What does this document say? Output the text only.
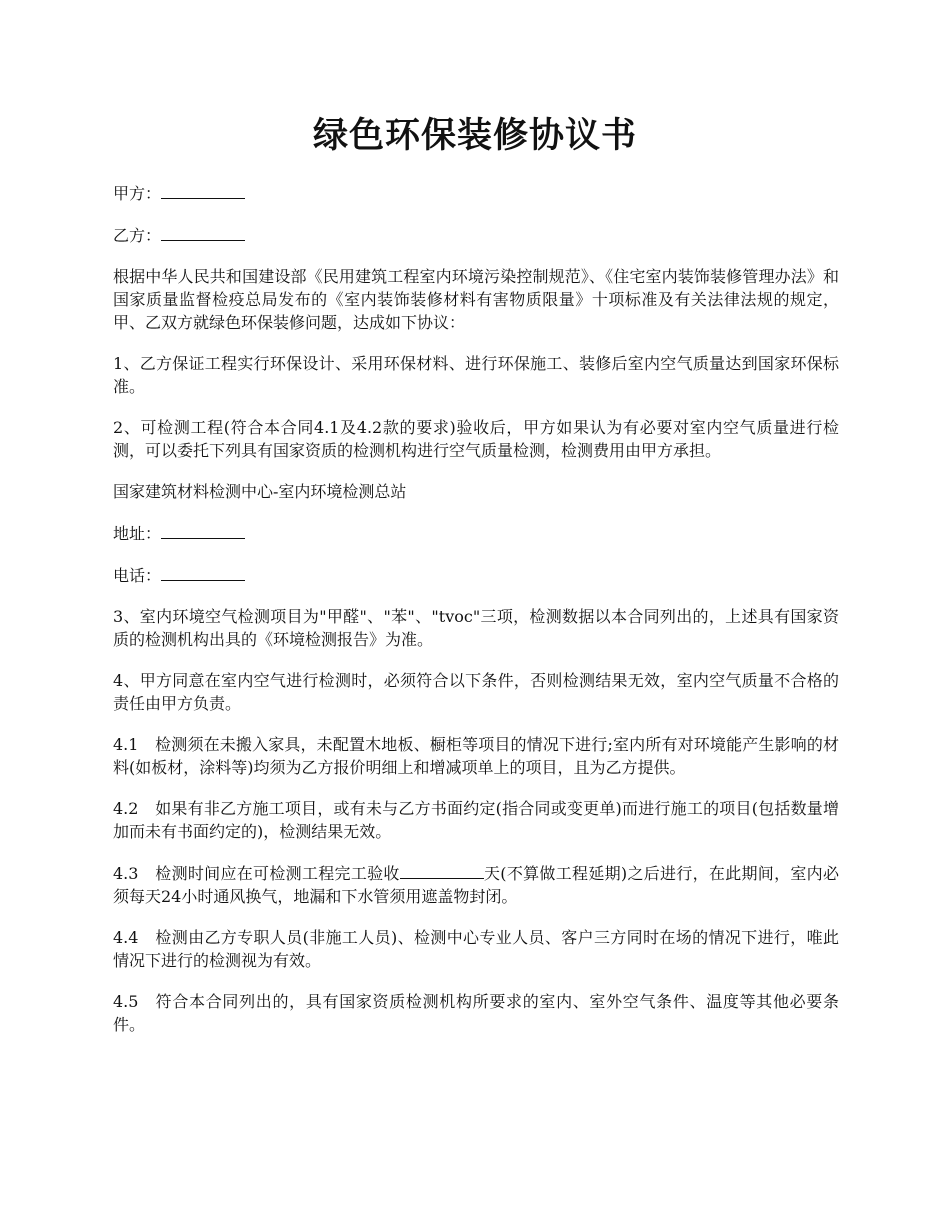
绿色环保装修协议书

甲方：

乙方：

根据中华人民共和国建设部《民用建筑工程室内环境污染控制规范》、《住宅室内装饰装修管理办法》和国家质量监督检疫总局发布的《室内装饰装修材料有害物质限量》十项标准及有关法律法规的规定，甲、乙双方就绿色环保装修问题，达成如下协议：

1、乙方保证工程实行环保设计、采用环保材料、进行环保施工、装修后室内空气质量达到国家环保标准。

2、可检测工程(符合本合同4.1及4.2款的要求)验收后，甲方如果认为有必要对室内空气质量进行检测，可以委托下列具有国家资质的检测机构进行空气质量检测，检测费用由甲方承担。

国家建筑材料检测中心-室内环境检测总站

地址：

电话：

3、室内环境空气检测项目为"甲醛"、"苯"、"tvoc"三项，检测数据以本合同列出的，上述具有国家资质的检测机构出具的《环境检测报告》为准。

4、甲方同意在室内空气进行检测时，必须符合以下条件，否则检测结果无效，室内空气质量不合格的责任由甲方负责。

4.1 检测须在未搬入家具，未配置木地板、橱柜等项目的情况下进行;室内所有对环境能产生影响的材料(如板材，涂料等)均须为乙方报价明细上和增减项单上的项目，且为乙方提供。

4.2 如果有非乙方施工项目，或有未与乙方书面约定(指合同或变更单)而进行施工的项目(包括数量增加而未有书面约定的)，检测结果无效。

4.3 检测时间应在可检测工程完工验收	天(不算做工程延期)之后进行，在此期间，室内必须每天24小时通风换气，地漏和下水管须用遮盖物封闭。

4.4 检测由乙方专职人员(非施工人员)、检测中心专业人员、客户三方同时在场的情况下进行，唯此情况下进行的检测视为有效。

4.5 符合本合同列出的，具有国家资质检测机构所要求的室内、室外空气条件、温度等其他必要条件。
